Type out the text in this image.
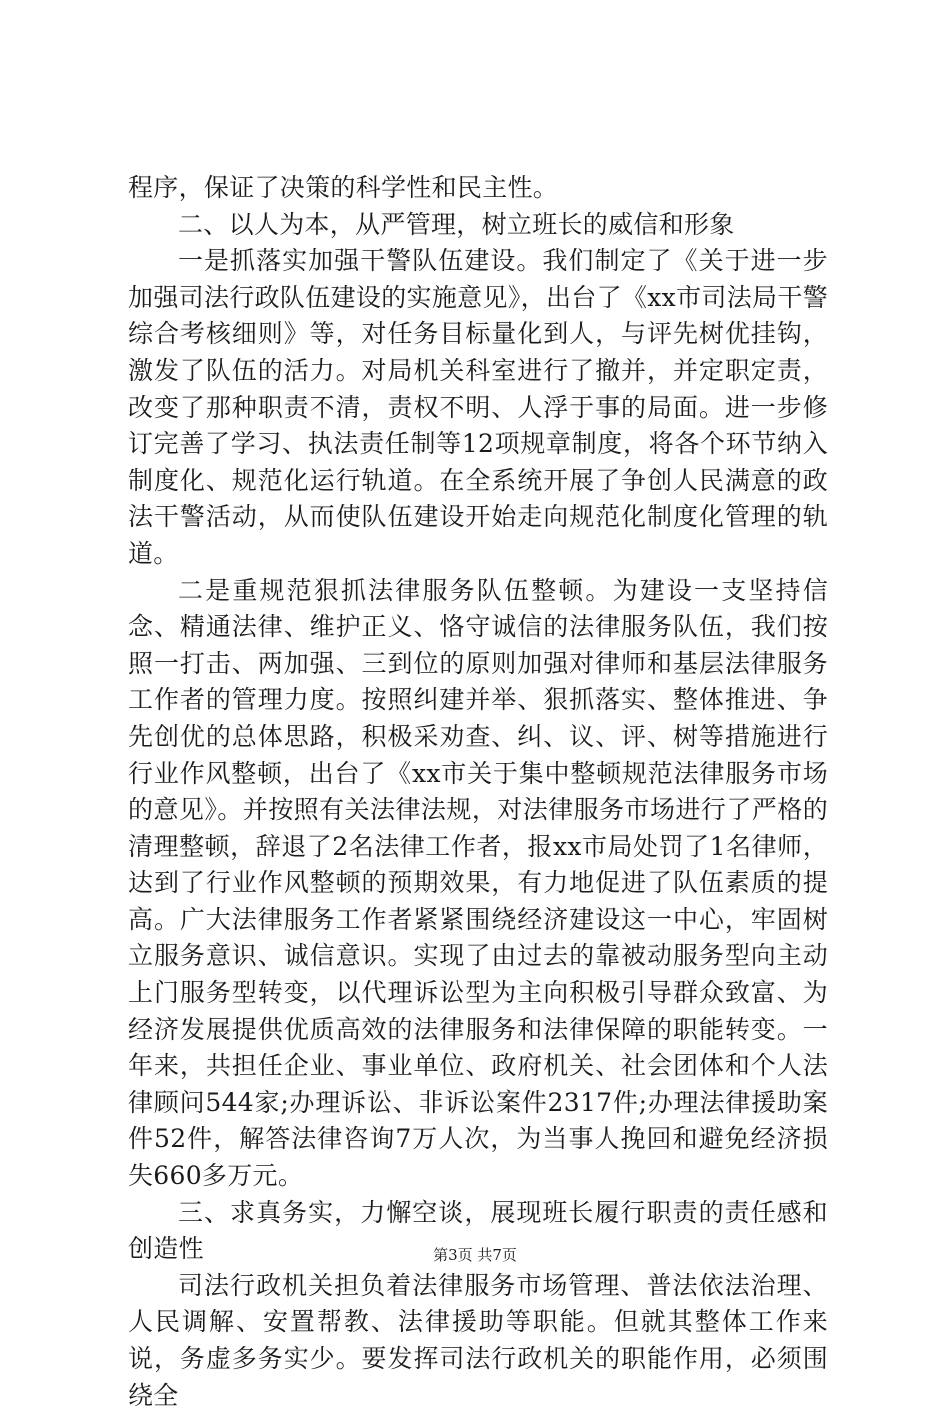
程序，保证了决策的科学性和民主性。

二、以人为本，从严管理，树立班长的威信和形象

一是抓落实加强干警队伍建设。我们制定了《关于进一步加强司法行政队伍建设的实施意见》，出台了《xx市司法局干警综合考核细则》等，对任务目标量化到人，与评先树优挂钩，激发了队伍的活力。对局机关科室进行了撤并，并定职定责，改变了那种职责不清，责权不明、人浮于事的局面。进一步修订完善了学习、执法责任制等12项规章制度，将各个环节纳入制度化、规范化运行轨道。在全系统开展了争创人民满意的政法干警活动，从而使队伍建设开始走向规范化制度化管理的轨道。

二是重规范狠抓法律服务队伍整顿。为建设一支坚持信念、精通法律、维护正义、恪守诚信的法律服务队伍，我们按照一打击、两加强、三到位的原则加强对律师和基层法律服务工作者的管理力度。按照纠建并举、狠抓落实、整体推进、争先创优的总体思路，积极采劝查、纠、议、评、树等措施进行行业作风整顿，出台了《xx市关于集中整顿规范法律服务市场的意见》。并按照有关法律法规，对法律服务市场进行了严格的清理整顿，辞退了2名法律工作者，报xx市局处罚了1名律师，达到了行业作风整顿的预期效果，有力地促进了队伍素质的提高。广大法律服务工作者紧紧围绕经济建设这一中心，牢固树立服务意识、诚信意识。实现了由过去的靠被动服务型向主动上门服务型转变，以代理诉讼型为主向积极引导群众致富、为经济发展提供优质高效的法律服务和法律保障的职能转变。一年来，共担任企业、事业单位、政府机关、社会团体和个人法律顾问544家;办理诉讼、非诉讼案件2317件;办理法律援助案件52件，解答法律咨询7万人次，为当事人挽回和避免经济损失660多万元。

三、求真务实，力懈空谈，展现班长履行职责的责任感和创造性

司法行政机关担负着法律服务市场管理、普法依法治理、人民调解、安置帮教、法律援助等职能。但就其整体工作来说，务虚多务实少。要发挥司法行政机关的职能作用，必须围绕全

第3页 共7页
